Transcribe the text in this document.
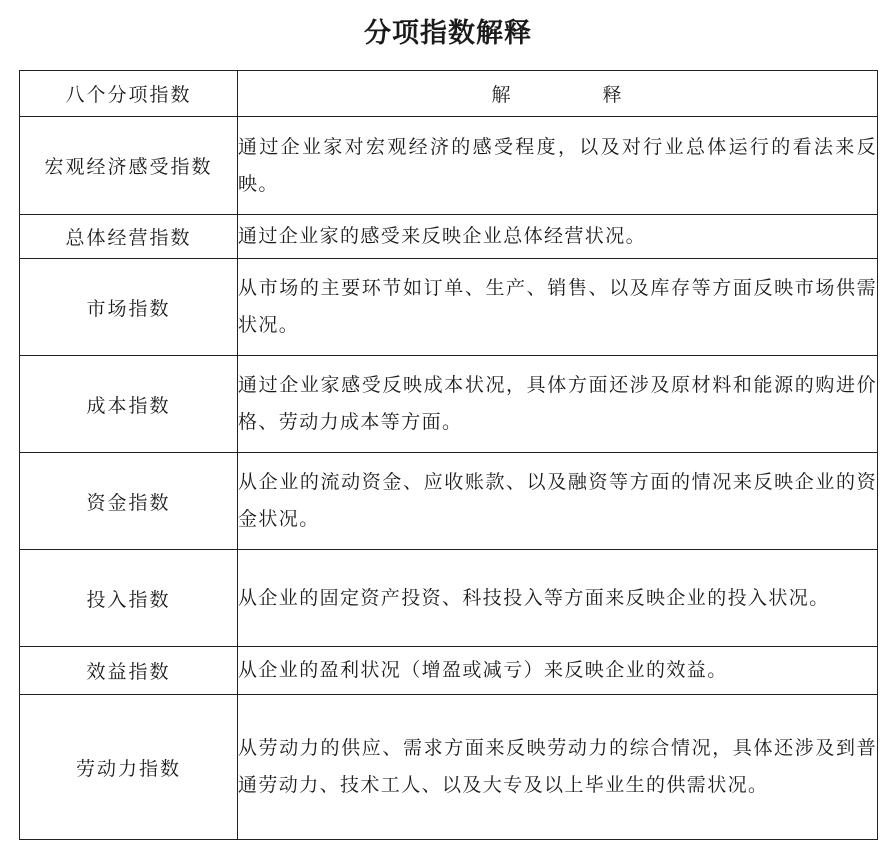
分项指数解释
八个分项指数	解 释
宏观经济感受指数	通过企业家对宏观经济的感受程度，以及对行业总体运行的看法来反映。
总体经营指数	通过企业家的感受来反映企业总体经营状况。
市场指数	从市场的主要环节如订单、生产、销售、以及库存等方面反映市场供需状况。
成本指数	通过企业家感受反映成本状况，具体方面还涉及原材料和能源的购进价格、劳动力成本等方面。
资金指数	从企业的流动资金、应收账款、以及融资等方面的情况来反映企业的资金状况。
投入指数	从企业的固定资产投资、科技投入等方面来反映企业的投入状况。
效益指数	从企业的盈利状况（增盈或减亏）来反映企业的效益。
劳动力指数	从劳动力的供应、需求方面来反映劳动力的综合情况，具体还涉及到普通劳动力、技术工人、以及大专及以上毕业生的供需状况。
